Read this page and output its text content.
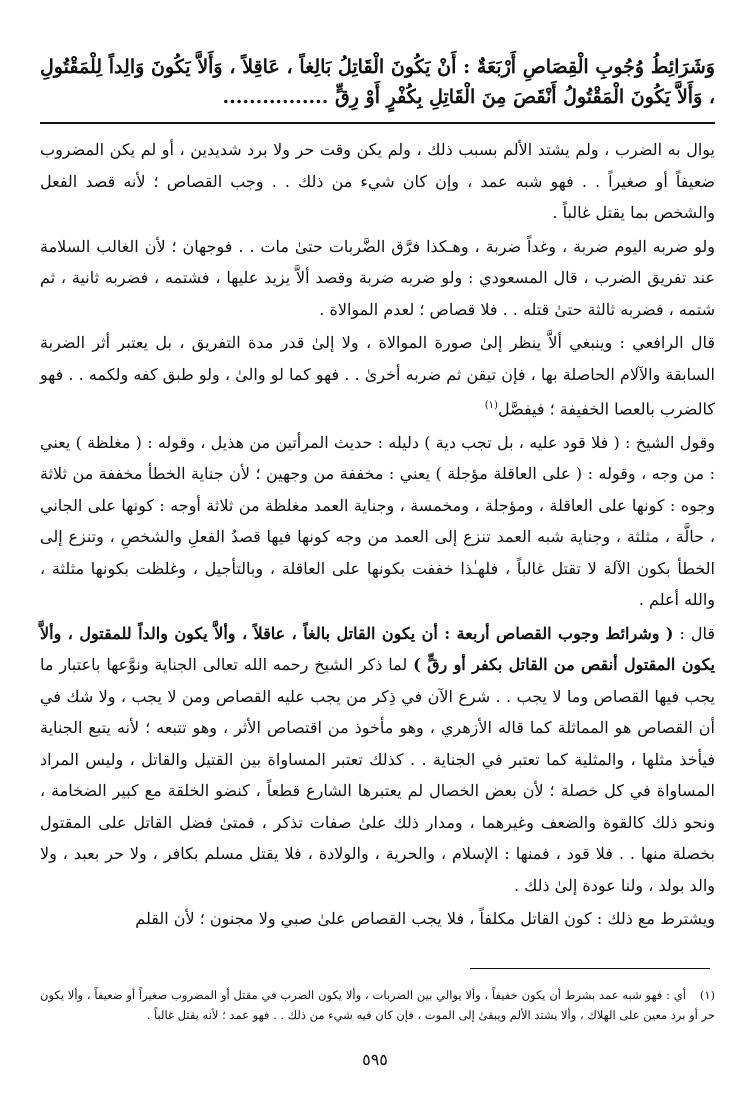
وَشَرَائِطُ وُجُوبِ الْقِصَاصِ أَرْبَعَةٌ : أَنْ يَكُونَ الْقَاتِلُ بَالِغاً ، عَاقِلاً ، وَأَلاَّ يَكُونَ وَالِداً لِلْمَقْتُولِ ، وَأَلاَّ يَكُونَ الْمَقْتُولُ أَنْقَصَ مِنَ الْقَاتِلِ بِكُفْرٍ أَوْ رِقٍّ ................

يوال به الضرب ، ولم يشتد الألم بسبب ذلك ، ولم يكن وقت حر ولا برد شديدين ، أو لم يكن المضروب ضعيفاً أو صغيراً . . فهو شبه عمد ، وإن كان شيء من ذلك . . وجب القصاص ؛ لأنه قصد الفعل والشخص بما يقتل غالباً .

ولو ضربه اليوم ضربة ، وغداً ضربة ، وهـكذا فرَّق الضَّربات حتىٰ مات . . فوجهان ؛ لأن الغالب السلامة عند تفريق الضرب ، قال المسعودي : ولو ضربه ضربة وقصد ألاَّ يزيد عليها ، فشتمه ، فضربه ثانية ، ثم شتمه ، فضربه ثالثة حتىٰ قتله . . فلا قصاص ؛ لعدم الموالاة .

قال الرافعي : وينبغي ألاَّ ينظر إلىٰ صورة الموالاة ، ولا إلىٰ قدر مدة التفريق ، بل يعتبر أثر الضربة السابقة والآلام الحاصلة بها ، فإن تيقن ثم ضربه أخرىٰ . . فهو كما لو والىٰ ، ولو طبق كفه ولكمه . . فهو كالضرب بالعصا الخفيفة ؛ فيفصَّل$^{(١)}$

وقول الشيخ : ( فلا قود عليه ، بل تجب دية ) دليله : حديث المرأتين من هذيل ، وقوله : ( مغلظة ) يعني : من وجه ، وقوله : ( على العاقلة مؤجلة ) يعني : مخففة من وجهين ؛ لأن جناية الخطأ مخففة من ثلاثة وجوه : كونها على العاقلة ، ومؤجلة ، ومخمسة ، وجناية العمد مغلظة من ثلاثة أوجه : كونها على الجاني ، حالَّة ، مثلثة ، وجناية شبه العمد تنزع إلى العمد من وجه كونها فيها قصدُ الفعلِ والشخصِ ، وتنزع إلى الخطأ بكون الآلة لا تقتل غالباً ، فلهـٰذا خففت بكونها على العاقلة ، وبالتأجيل ، وغلظت بكونها مثلثة ، والله أعلم .

قال : ( وشرائط وجوب القصاص أربعة : أن يكون القاتل بالغاً ، عاقلاً ، وألاَّ يكون والداً للمقتول ، وألاَّ يكون المقتول أنقص من القاتل بكفر أو رقٍّ ) لما ذكر الشيخ رحمه الله تعالى الجناية ونوَّعها باعتبار ما يجب فيها القصاص وما لا يجب . . شرع الآن في ذِكر من يجب عليه القصاص ومن لا يجب ، ولا شك في أن القصاص هو المماثلة كما قاله الأزهري ، وهو مأخوذ من اقتصاص الأثر ، وهو تتبعه ؛ لأنه يتبع الجناية فيأخذ مثلها ، والمثلية كما تعتبر في الجناية . . كذلك تعتبر المساواة بين القتيل والقاتل ، وليس المراد المساواة في كل خصلة ؛ لأن بعض الخصال لم يعتبرها الشارع قطعاً ، كنضو الخلقة مع كبير الضخامة ، ونحو ذلك كالقوة والضعف وغيرهما ، ومدار ذلك علىٰ صفات تذكر ، فمتىٰ فضل القاتل على المقتول بخصلة منها . . فلا قود ، فمنها : الإسلام ، والحرية ، والولادة ، فلا يقتل مسلم بكافر ، ولا حر بعبد ، ولا والد بولد ، ولنا عودة إلىٰ ذلك .

ويشترط مع ذلك : كون القاتل مكلفاً ، فلا يجب القصاص علىٰ صبي ولا مجنون ؛ لأن القلم

(١) أي : فهو شبه عمد بشرط أن يكون خفيفاً ، وألا يوالي بين الضربات ، وألا يكون الضرب في مقتل أو المضروب صغيراً أو ضعيفاً ، وألا يكون حر أو برد معين على الهلاك ، وألا يشتد الألم ويبقىٰ إلى الموت ، فإن كان فيه شيء من ذلك . . فهو عمد ؛ لأنه يقتل غالباً .
٥٩٥
